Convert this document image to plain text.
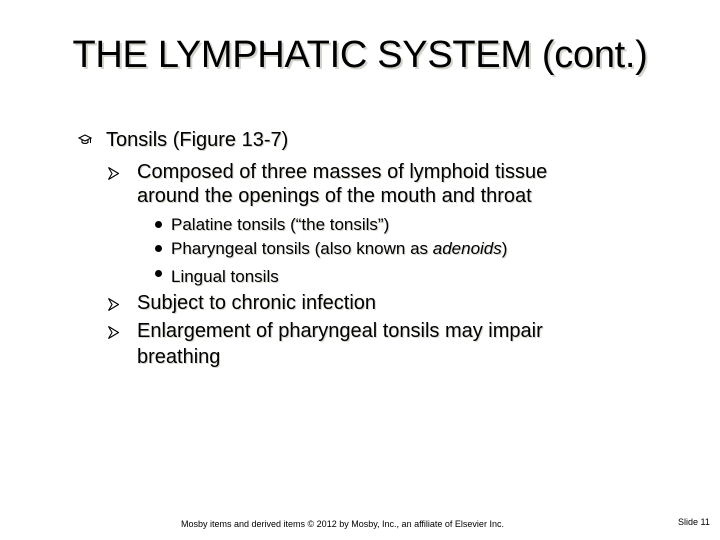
THE LYMPHATIC SYSTEM (cont.)
Tonsils (Figure 13-7)
Composed of three masses of lymphoid tissue
around the openings of the mouth and throat
Palatine tonsils (“the tonsils”)
Pharyngeal tonsils (also known as adenoids)
Lingual tonsils
Subject to chronic infection
Enlargement of pharyngeal tonsils may impair
breathing
Mosby items and derived items © 2012 by Mosby, Inc., an affiliate of Elsevier Inc.	Slide 11
